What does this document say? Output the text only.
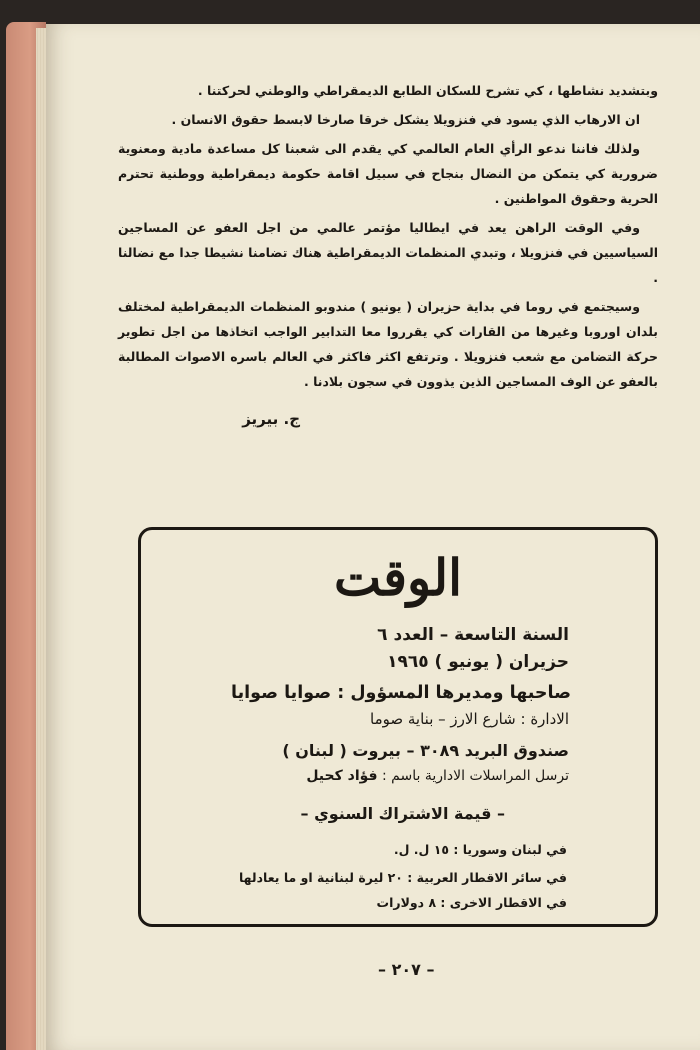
وبتشديد نشاطها ، كي تشرح للسكان الطابع الديمقراطي والوطني لحركتنا .

ان الارهاب الذي يسود في فنزويلا يشكل خرقا صارخا لابسط حقوق الانسان .

ولذلك فاننا ندعو الرأي العام العالمي كي يقدم الى شعبنا كل مساعدة مادية ومعنوية ضرورية كي يتمكن من النضال بنجاح في سبيل اقامة حكومة ديمقراطية ووطنية تحترم الحرية وحقوق المواطنين .

وفي الوقت الراهن يعد في ايطاليا مؤتمر عالمي من اجل العفو عن المساجين السياسيين في فنزويلا ، وتبدي المنظمات الديمقراطية هناك تضامنا نشيطا جدا مع نضالنا .

وسيجتمع في روما في بداية حزيران ( يونيو ) مندوبو المنظمات الديمقراطية لمختلف بلدان اوروبا وغيرها من القارات كي يقرروا معا التدابير الواجب اتخاذها من اجل تطوير حركة التضامن مع شعب فنزويلا . وترتفع اكثر فاكثر في العالم باسره الاصوات المطالبة بالعفو عن الوف المساجين الذين يذوون في سجون بلادنا .

ج. بيريز
الوقت
السنة التاسعة – العدد ٦
حزيران ( يونيو ) ١٩٦٥
صاحبها ومديرها المسؤول : صوايا صوايا
الادارة : شارع الارز – بناية صوما
صندوق البريد ٣٠٨٩ – بيروت ( لبنان )
ترسل المراسلات الادارية باسم : فؤاد كحيل
– قيمة الاشتراك السنوي –
في لبنان وسوريا : ١٥ ل. ل.
في سائر الاقطار العربية : ٢٠ ليرة لبنانية او ما يعادلها
في الاقطار الاخرى : ٨ دولارات
– ٢٠٧ –
